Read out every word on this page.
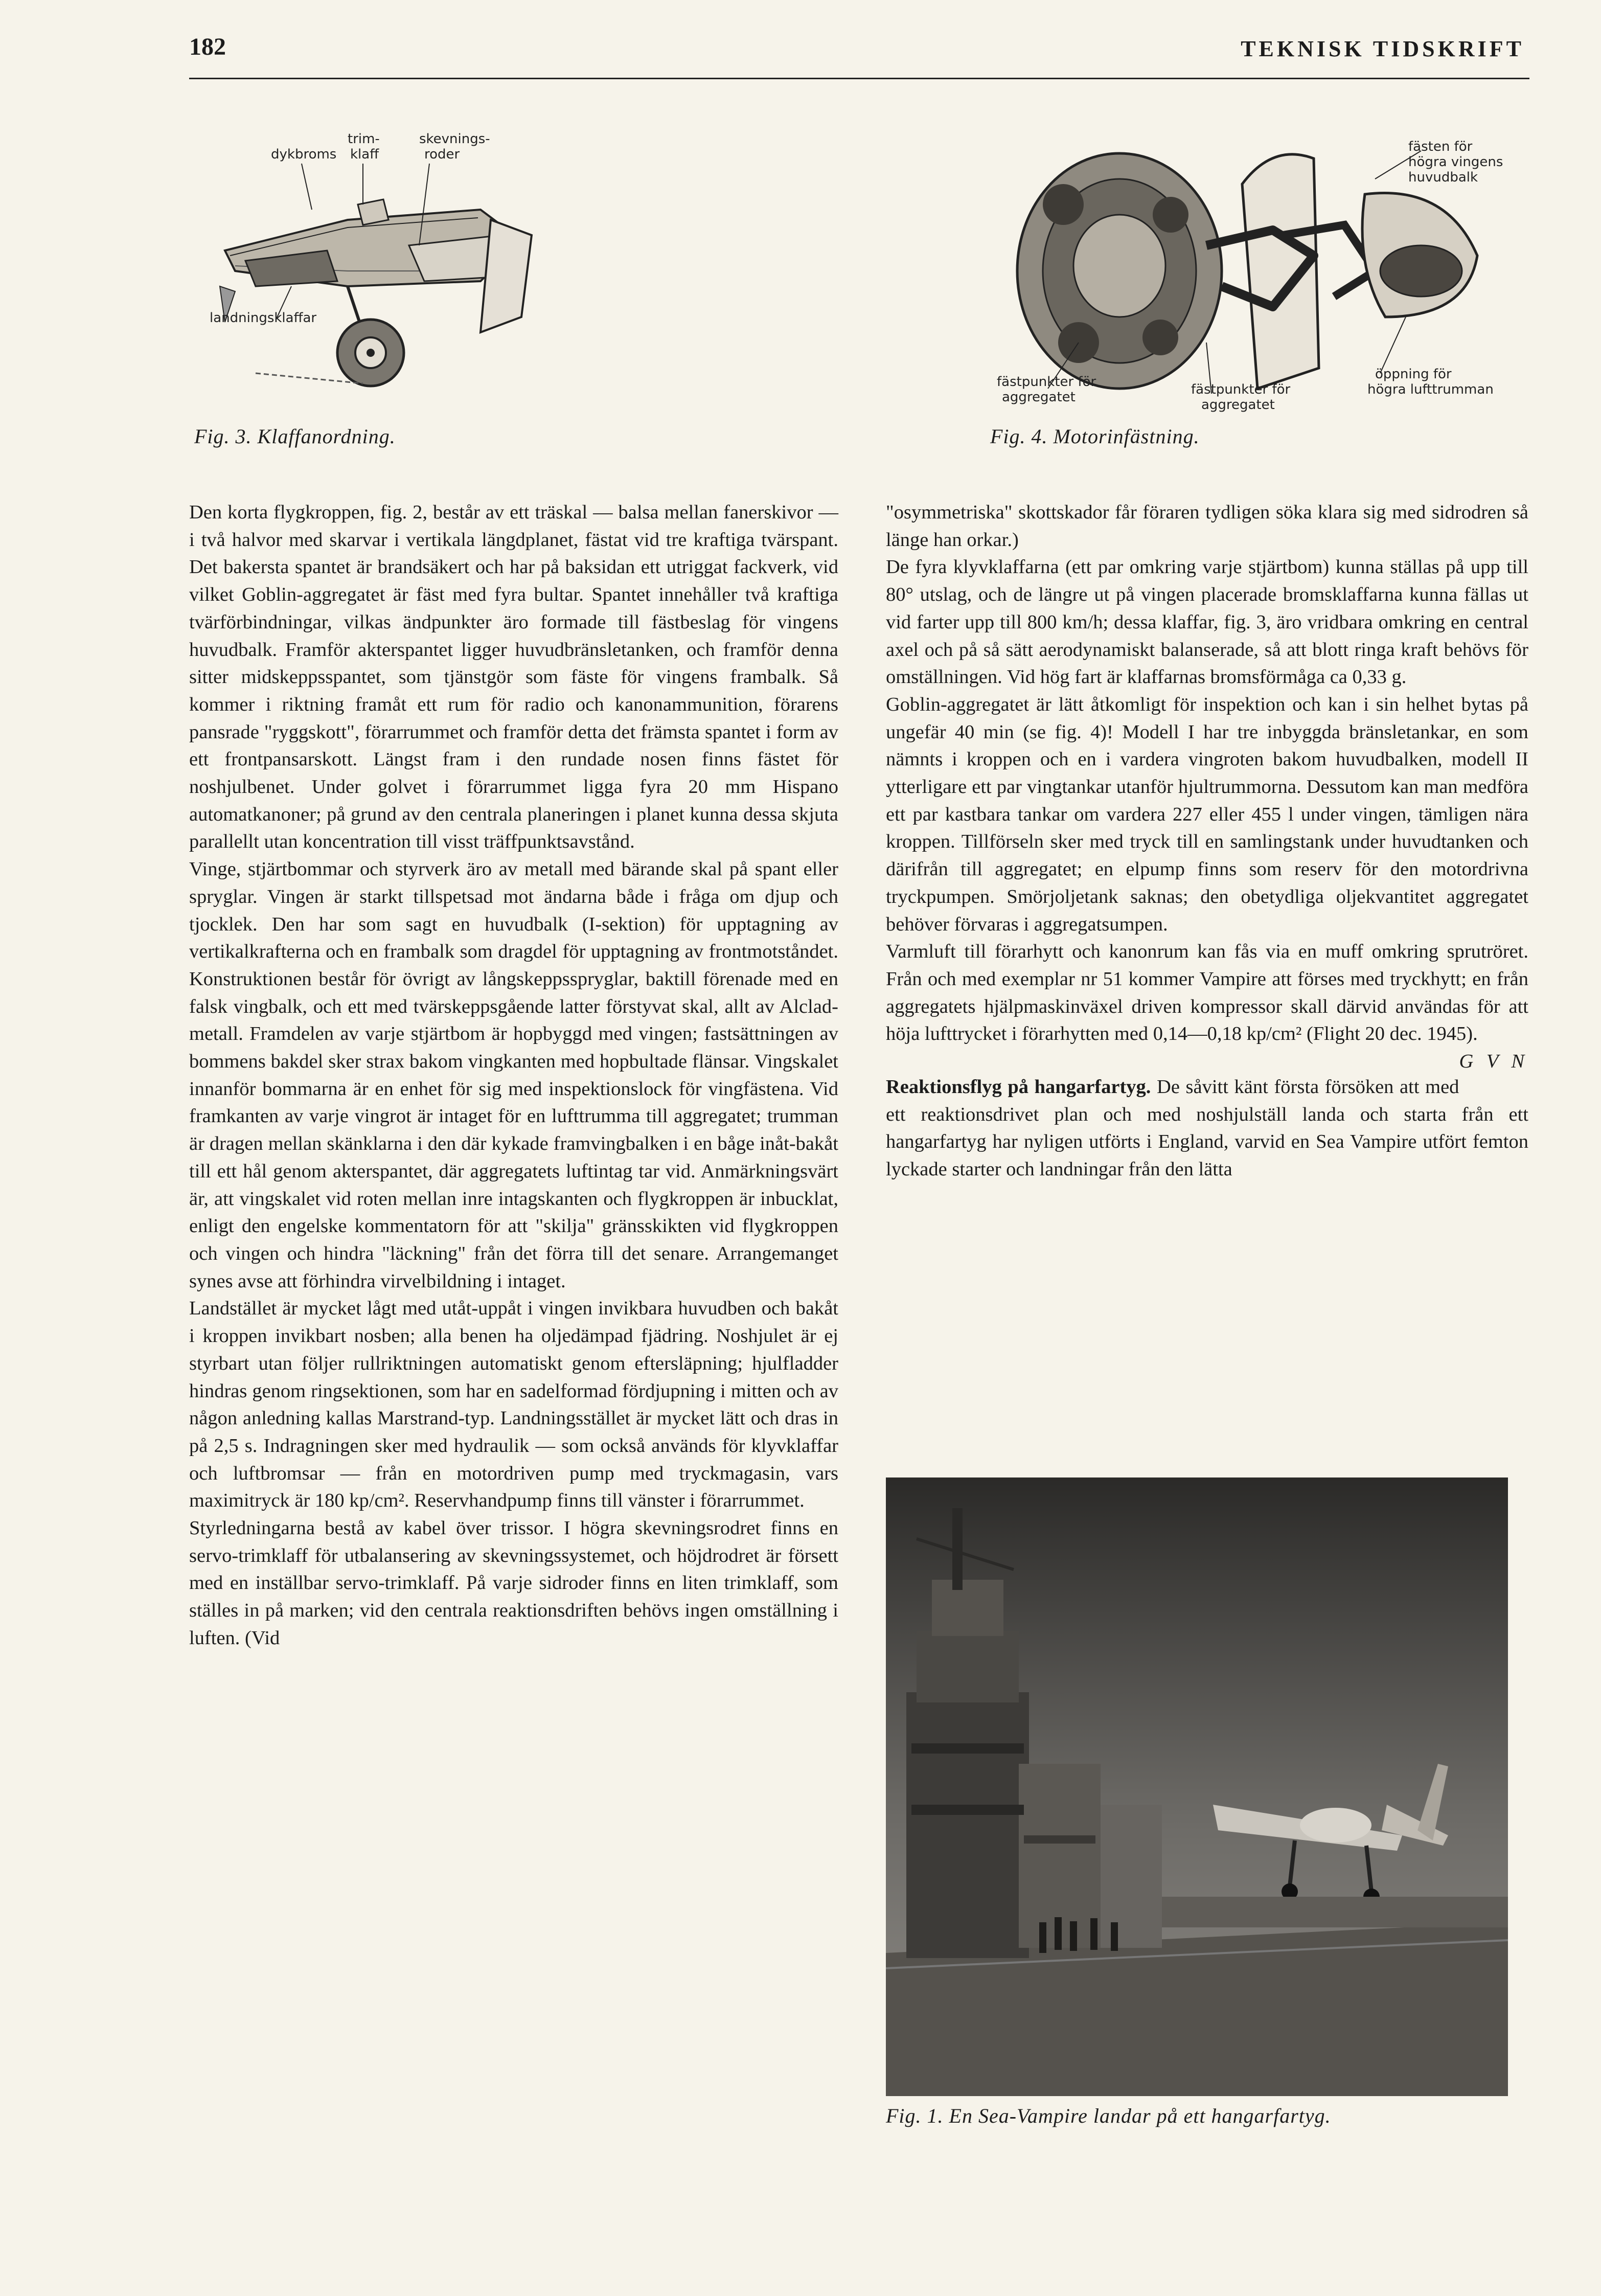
182	TEKNISK TIDSKRIFT
trim-
klaff
skevnings-
roder
dykbroms
landningsklaffar
Fig. 3. Klaffanordning.
fästen för
högra vingens
huvudbalk
fästpunkter för
aggregatet	fästpunkter för
aggregatet
öppning för
högra lufttrumman
Fig. 4. Motorinfästning.

Den korta flygkroppen, fig. 2, består av ett träskal — balsa mellan fanerskivor — i två halvor med skarvar i vertikala längdplanet, fästat vid tre kraftiga tvärspant. Det bakersta spantet är brandsäkert och har på baksidan ett utriggat fackverk, vid vilket Goblin-aggregatet är fäst med fyra bultar. Spantet innehåller två kraftiga tvärförbindningar, vilkas ändpunkter äro formade till fästbeslag för vingens huvudbalk. Framför akterspantet ligger huvudbränsletanken, och framför denna sitter midskeppsspantet, som tjänstgör som fäste för vingens frambalk. Så kommer i riktning framåt ett rum för radio och kanonammunition, förarens pansrade "ryggskott", förarrummet och framför detta det främsta spantet i form av ett frontpansarskott. Längst fram i den rundade nosen finns fästet för noshjulbenet. Under golvet i förarrummet ligga fyra 20 mm Hispano automatkanoner; på grund av den centrala planeringen i planet kunna dessa skjuta parallellt utan koncentration till visst träffpunktsavstånd.

Vinge, stjärtbommar och styrverk äro av metall med bärande skal på spant eller spryglar. Vingen är starkt tillspetsad mot ändarna både i fråga om djup och tjocklek. Den har som sagt en huvudbalk (I-sektion) för upptagning av vertikalkrafterna och en frambalk som dragdel för upptagning av frontmotståndet. Konstruktionen består för övrigt av långskeppsspryglar, baktill förenade med en falsk vingbalk, och ett med tvärskeppsgående latter förstyvat skal, allt av Alclad-metall. Framdelen av varje stjärtbom är hopbyggd med vingen; fastsättningen av bommens bakdel sker strax bakom vingkanten med hopbultade flänsar. Vingskalet innanför bommarna är en enhet för sig med inspektionslock för vingfästena. Vid framkanten av varje vingrot är intaget för en lufttrumma till aggregatet; trumman är dragen mellan skänklarna i den där kykade framvingbalken i en båge inåt-bakåt till ett hål genom akterspantet, där aggregatets luftintag tar vid. Anmärkningsvärt är, att vingskalet vid roten mellan inre intagskanten och flygkroppen är inbucklat, enligt den engelske kommentatorn för att "skilja" gränsskikten vid flygkroppen och vingen och hindra "läckning" från det förra till det senare. Arrangemanget synes avse att förhindra virvelbildning i intaget.

Landstället är mycket lågt med utåt-uppåt i vingen invikbara huvudben och bakåt i kroppen invikbart nosben; alla benen ha oljedämpad fjädring. Noshjulet är ej styrbart utan följer rullriktningen automatiskt genom eftersläpning; hjulfladder hindras genom ringsektionen, som har en sadelformad fördjupning i mitten och av någon anledning kallas Marstrand-typ. Landningsstället är mycket lätt och dras in på 2,5 s. Indragningen sker med hydraulik — som också används för klyvklaffar och luftbromsar — från en motordriven pump med tryckmagasin, vars maximitryck är 180 kp/cm². Reservhandpump finns till vänster i förarrummet.

Styrledningarna bestå av kabel över trissor. I högra skevningsrodret finns en servo-trimklaff för utbalansering av skevningssystemet, och höjdrodret är försett med en inställbar servo-trimklaff. På varje sidroder finns en liten trimklaff, som ställes in på marken; vid den centrala reaktionsdriften behövs ingen omställning i luften. (Vid

"osymmetriska" skottskador får föraren tydligen söka klara sig med sidrodren så länge han orkar.)

De fyra klyvklaffarna (ett par omkring varje stjärtbom) kunna ställas på upp till 80° utslag, och de längre ut på vingen placerade bromsklaffarna kunna fällas ut vid farter upp till 800 km/h; dessa klaffar, fig. 3, äro vridbara omkring en central axel och på så sätt aerodynamiskt balanserade, så att blott ringa kraft behövs för omställningen. Vid hög fart är klaffarnas bromsförmåga ca 0,33 g.

Goblin-aggregatet är lätt åtkomligt för inspektion och kan i sin helhet bytas på ungefär 40 min (se fig. 4)! Modell I har tre inbyggda bränsletankar, en som nämnts i kroppen och en i vardera vingroten bakom huvudbalken, modell II ytterligare ett par vingtankar utanför hjultrummorna. Dessutom kan man medföra ett par kastbara tankar om vardera 227 eller 455 l under vingen, tämligen nära kroppen. Tillförseln sker med tryck till en samlingstank under huvudtanken och därifrån till aggregatet; en elpump finns som reserv för den motordrivna tryckpumpen. Smörjoljetank saknas; den obetydliga oljekvantitet aggregatet behöver förvaras i aggregatsumpen.

Varmluft till förarhytt och kanonrum kan fås via en muff omkring sprutröret. Från och med exemplar nr 51 kommer Vampire att förses med tryckhytt; en från aggregatets hjälpmaskinväxel driven kompressor skall därvid användas för att höja lufttrycket i förarhytten med 0,14—0,18 kp/cm² (Flight 20 dec. 1945).
G V N

Reaktionsflyg på hangarfartyg. De såvitt känt första försöken att med ett reaktionsdrivet plan och med noshjulställ landa och starta från ett hangarfartyg har nyligen utförts i England, varvid en Sea Vampire utfört femton lyckade starter och landningar från den lätta

Fig. 1. En Sea-Vampire landar på ett hangarfartyg.
